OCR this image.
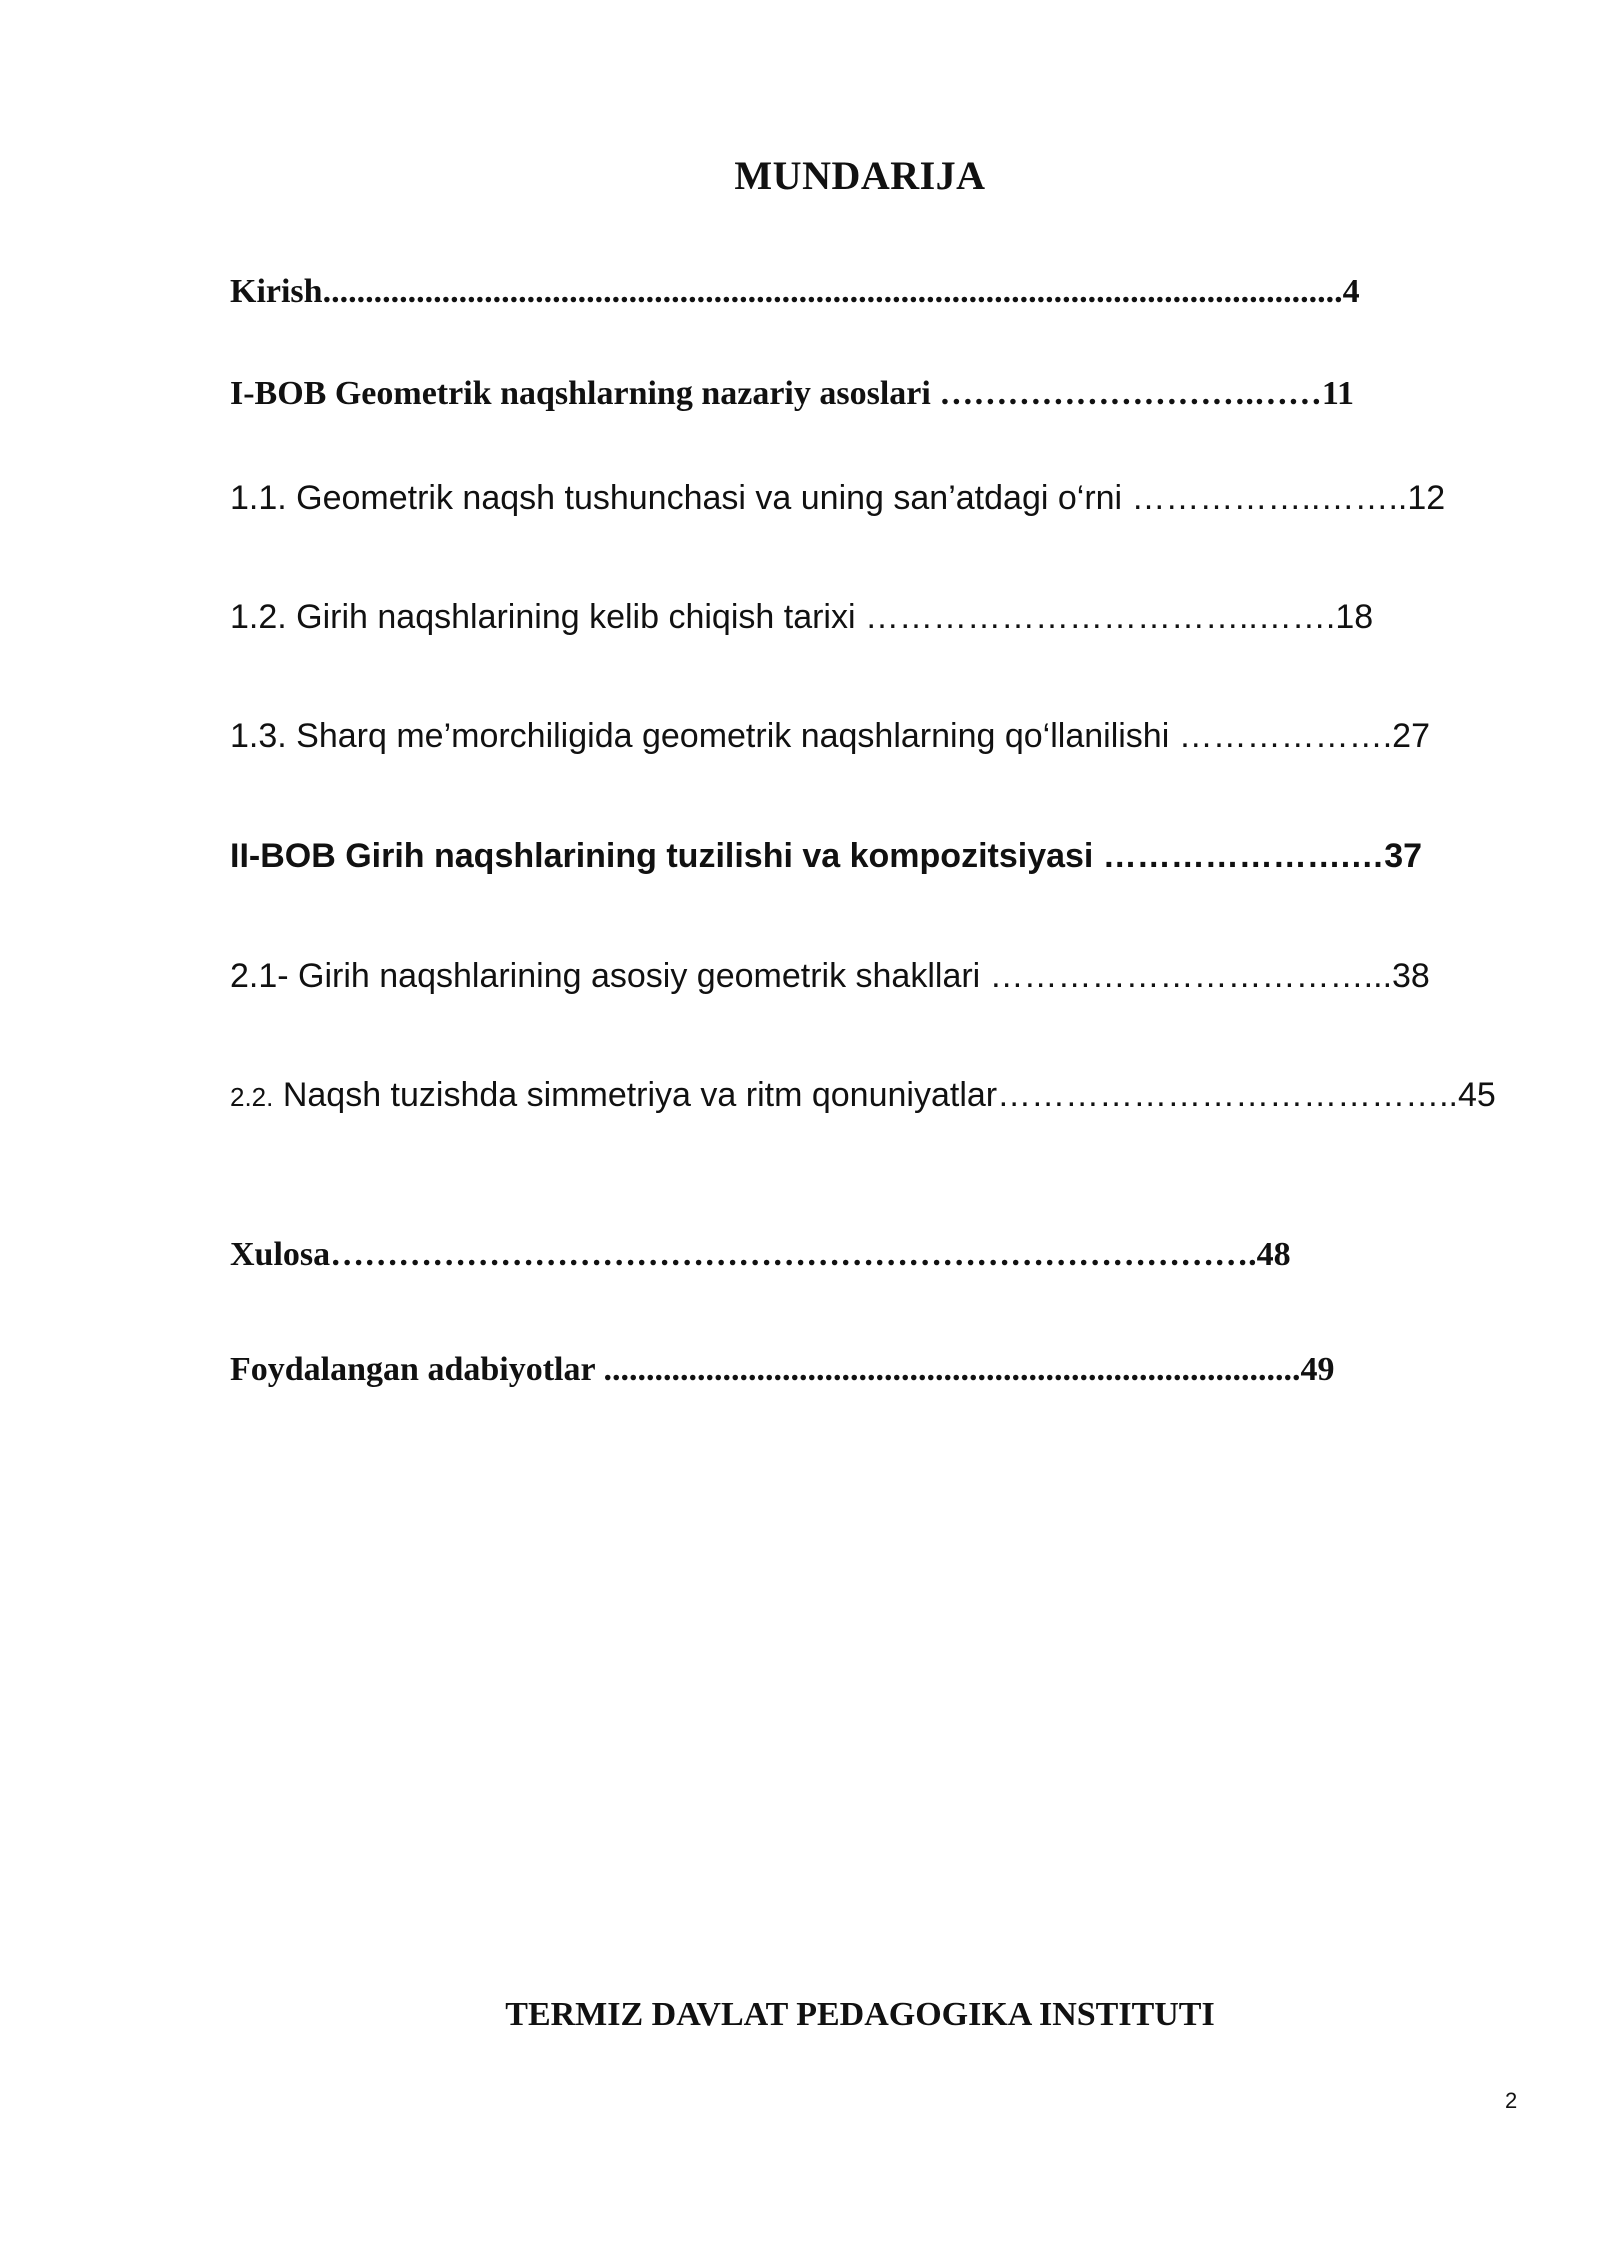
MUNDARIJA
Kirish........................................................................................................................4
I-BOB Geometrik naqshlarning nazariy asoslari ……………………….……11
1.1. Geometrik naqsh tushunchasi va uning san’atdagi o‘rni ……………..……..12
1.2. Girih naqshlarining kelib chiqish tarixi ……………………………..…….18
1.3. Sharq me’morchiligida geometrik naqshlarning qo‘llanilishi ……………….27
II-BOB Girih naqshlarining tuzilishi va kompozitsiyasi ………………….…37
2.1- Girih naqshlarining asosiy geometrik shakllari ……………………………...38
2.2. Naqsh tuzishda simmetriya va ritm qonuniyatlar…………………………………..45
Xulosa……………………………………………………………………….48
Foydalangan adabiyotlar ..................................................................................49
TERMIZ DAVLAT PEDAGOGIKA INSTITUTI
2
